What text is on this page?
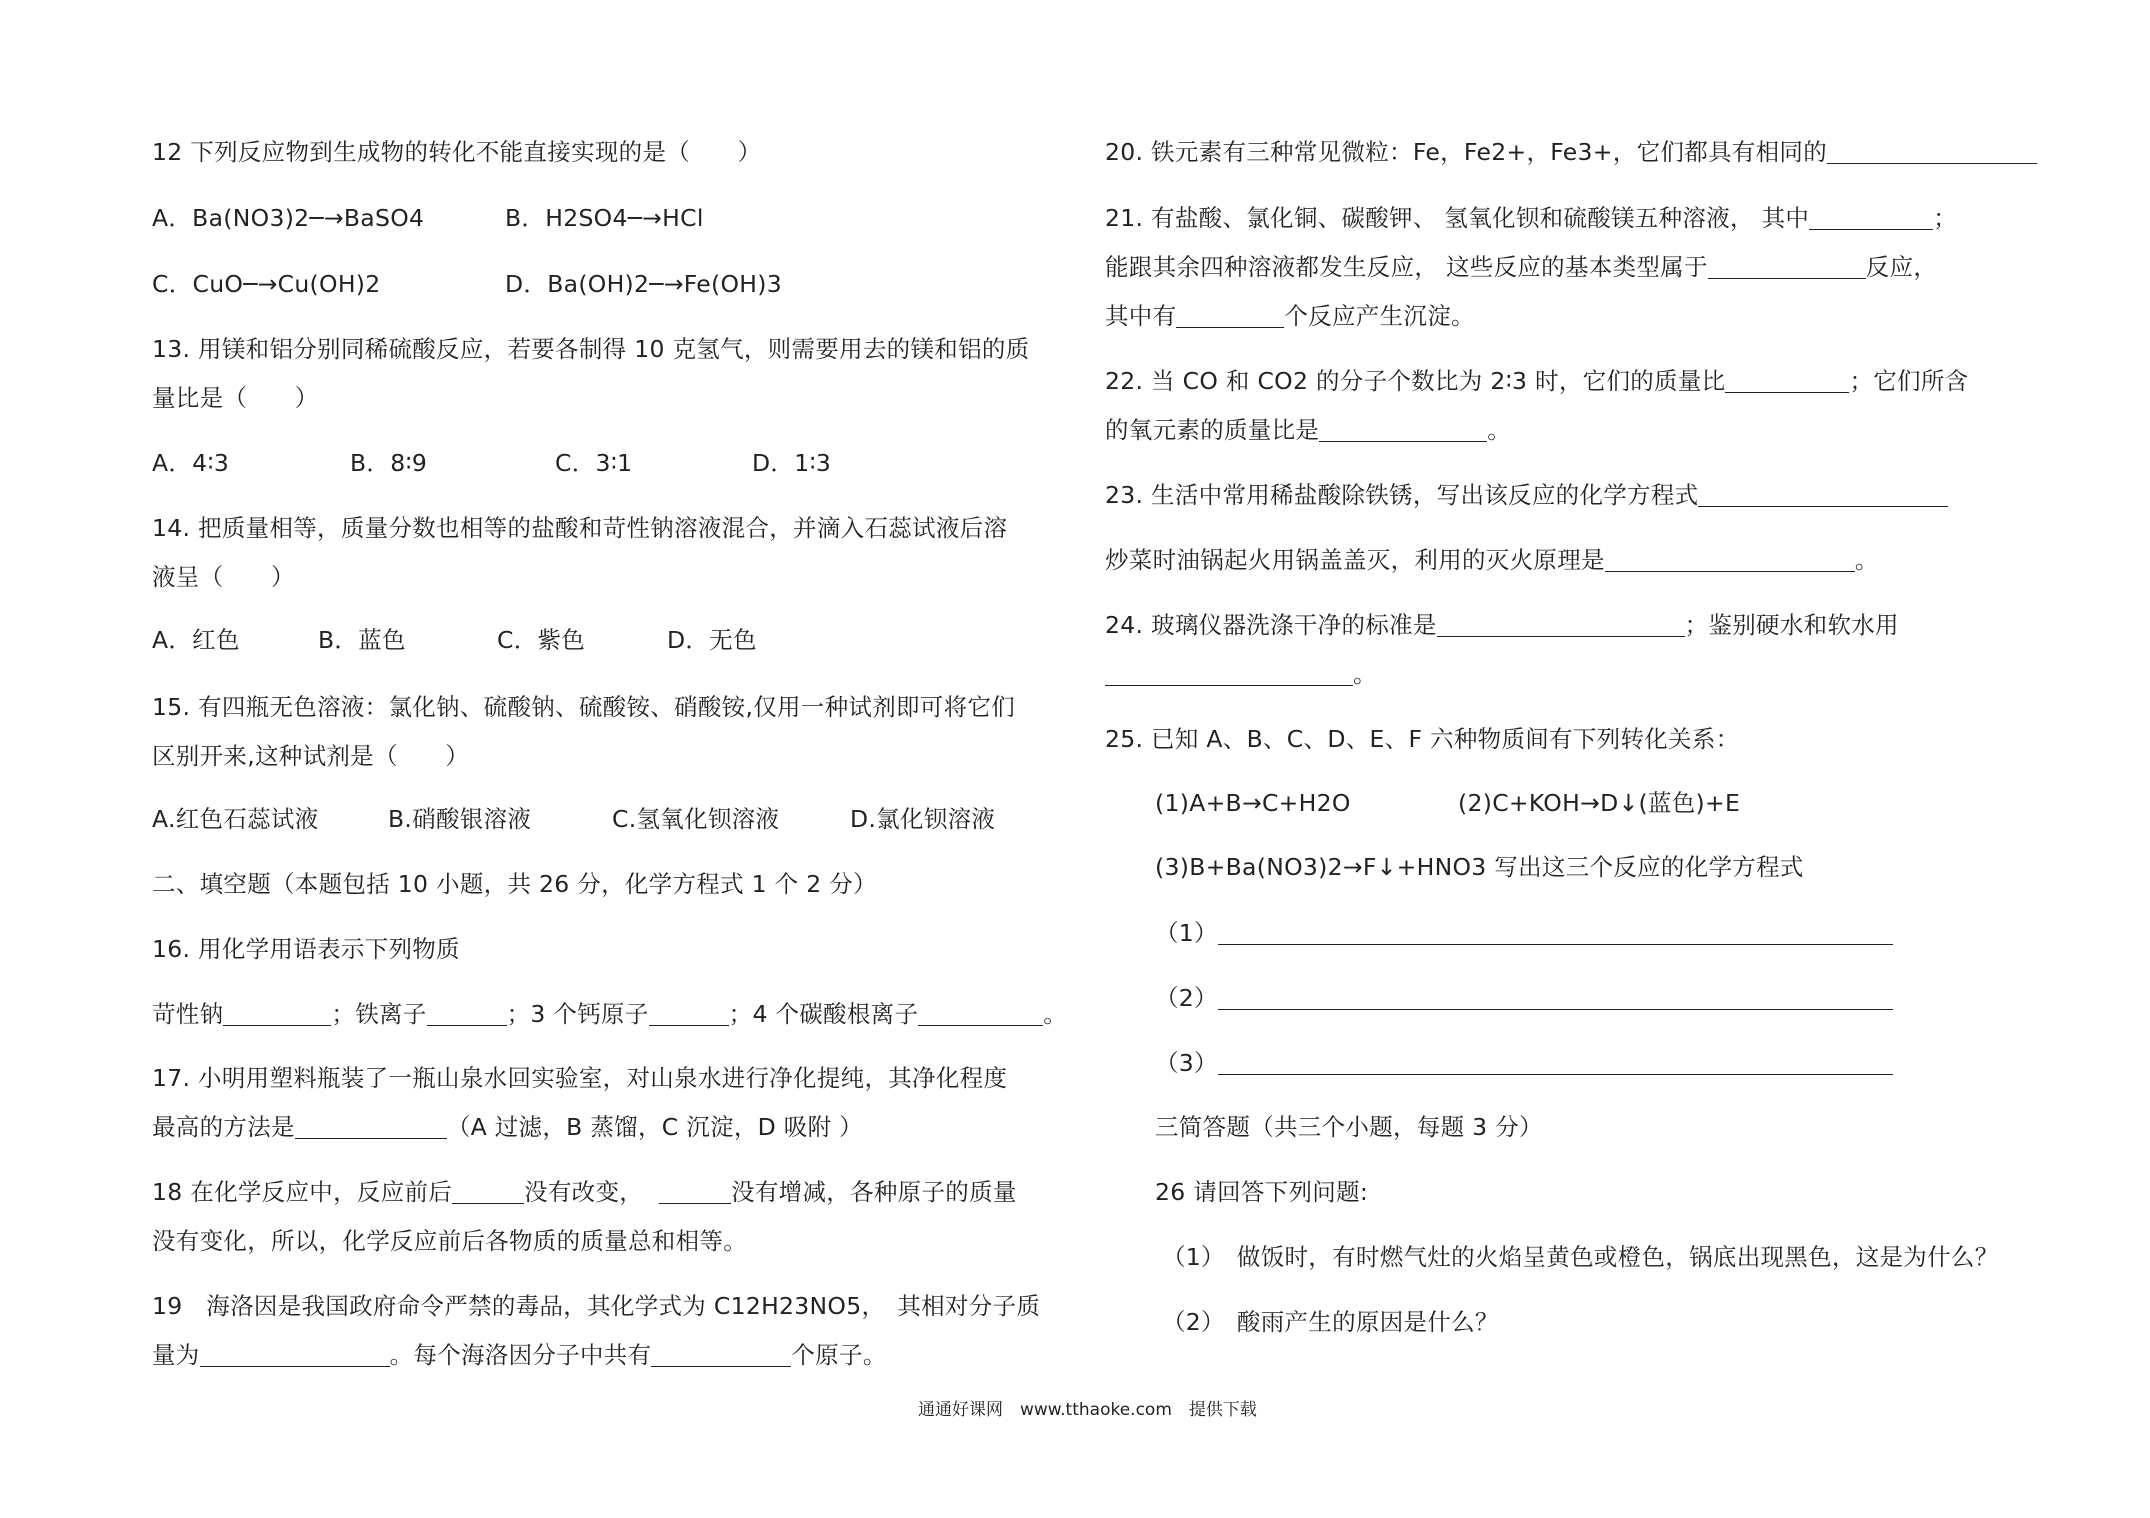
12 下列反应物到生成物的转化不能直接实现的是（　　）
A．Ba(NO3)2─→BaSO4	B．H2SO4─→HCl
C．CuO─→Cu(OH)2	D．Ba(OH)2─→Fe(OH)3
13. 用镁和铝分别同稀硫酸反应，若要各制得 10 克氢气，则需要用去的镁和铝的质
量比是（　　）
A．4∶3	B．8∶9	C．3∶1	D．1∶3
14. 把质量相等，质量分数也相等的盐酸和苛性钠溶液混合，并滴入石蕊试液后溶
液呈（　　）
A．红色	B．蓝色	C．紫色	D．无色
15. 有四瓶无色溶液：氯化钠、硫酸钠、硫酸铵、硝酸铵,仅用一种试剂即可将它们
区别开来,这种试剂是（　　）
A.红色石蕊试液	B.硝酸银溶液	C.氢氧化钡溶液	D.氯化钡溶液
二、填空题（本题包括 10 小题，共 26 分，化学方程式 1 个 2 分）
16. 用化学用语表示下列物质
苛性钠	；铁离子	；3 个钙原子	；4 个碳酸根离子	。
17. 小明用塑料瓶装了一瓶山泉水回实验室，对山泉水进行净化提纯，其净化程度
最高的方法是	（A 过滤，B 蒸馏，C 沉淀，D 吸附 ）
18 在化学反应中，反应前后	没有改变，	没有增减，各种原子的质量
没有变化，所以，化学反应前后各物质的质量总和相等。
19　海洛因是我国政府命令严禁的毒品，其化学式为 C12H23NO5，　其相对分子质
量为	。每个海洛因分子中共有	个原子。
20. 铁元素有三种常见微粒：Fe，Fe2+，Fe3+，它们都具有相同的
21. 有盐酸、氯化铜、碳酸钾、 氢氧化钡和硫酸镁五种溶液， 其中	；
能跟其余四种溶液都发生反应， 这些反应的基本类型属于	反应，
其中有	个反应产生沉淀。
22. 当 CO 和 CO2 的分子个数比为 2∶3 时，它们的质量比	；它们所含
的氧元素的质量比是	。
23. 生活中常用稀盐酸除铁锈，写出该反应的化学方程式
炒菜时油锅起火用锅盖盖灭，利用的灭火原理是	。
24. 玻璃仪器洗涤干净的标准是	；鉴别硬水和软水用
。
25. 已知 A、B、C、D、E、F 六种物质间有下列转化关系：
(1)A+B→C+H2O	(2)C+KOH→D↓(蓝色)+E
(3)B+Ba(NO3)2→F↓+HNO3 写出这三个反应的化学方程式
（1）
（2）
（3）
三简答题（共三个小题，每题 3 分）
26 请回答下列问题:
（1）　做饭时，有时燃气灶的火焰呈黄色或橙色，锅底出现黑色，这是为什么？
（2）　酸雨产生的原因是什么？
通通好课网　www.tthaoke.com　提供下载
